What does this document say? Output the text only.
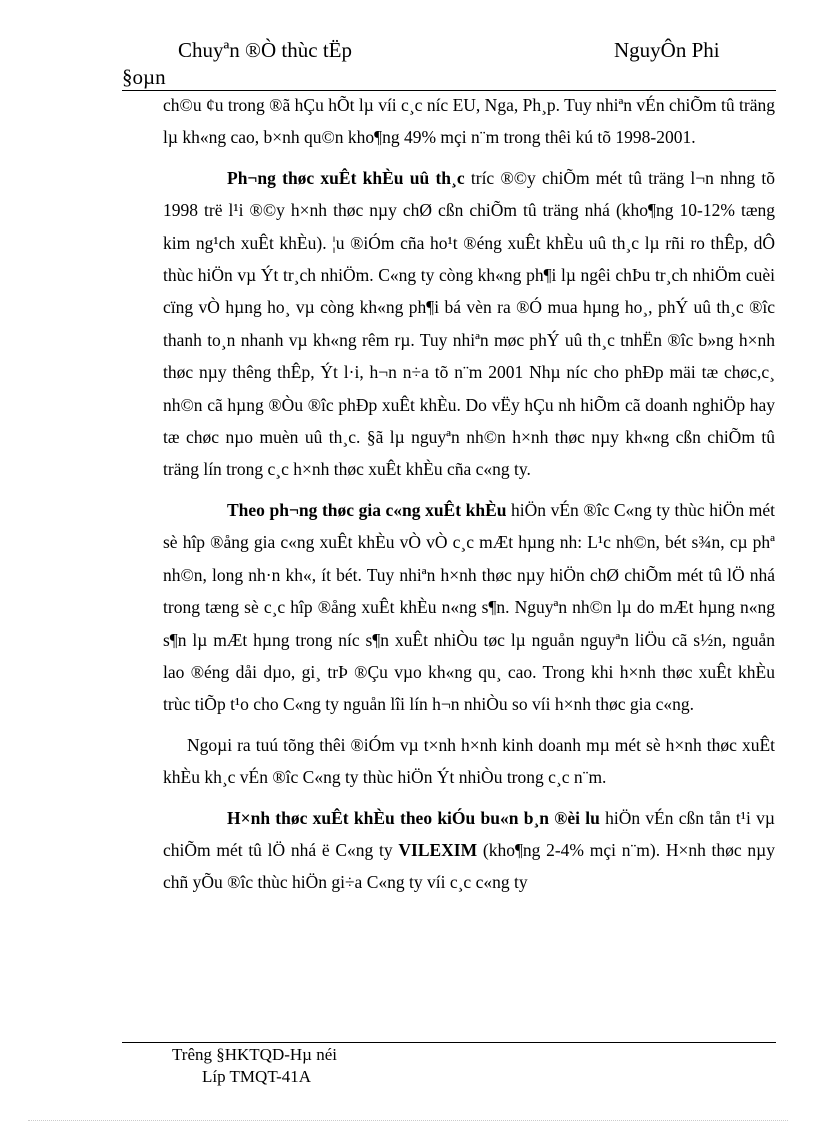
Chuyªn ®Ò thùc tËp	NguyÔn Phi
§oµn

ch©u ¢u trong ®ã hÇu hÕt lµ víi c¸c níc EU, Nga, Ph¸p. Tuy nhiªn vÉn chiÕm tû träng lµ kh«ng cao, b×nh qu©n kho¶ng 49% mçi n¨m trong thêi kú tõ 1998-2001.

Ph¬ng thøc xuÊt khÈu uû th¸c tríc ®©y chiÕm mét tû träng l¬n nhng tõ 1998 trë l¹i ®©y h×nh thøc nµy chØ cßn chiÕm tû träng nhá (kho¶ng 10-12% tæng kim ng¹ch xuÊt khÈu). ¦u ®iÓm cña ho¹t ®éng xuÊt khÈu uû th¸c lµ rñi ro thÊp, dÔ thùc hiÖn vµ Ýt tr¸ch nhiÖm. C«ng ty còng kh«ng ph¶i lµ ngêi chÞu tr¸ch nhiÖm cuèi cïng vÒ hµng ho¸ vµ còng kh«ng ph¶i bá vèn ra ®Ó mua hµng ho¸, phÝ uû th¸c ®îc thanh to¸n nhanh vµ kh«ng rêm rµ. Tuy nhiªn møc phÝ uû th¸c tnhËn ®îc b»ng h×nh thøc nµy thêng thÊp, Ýt l·i, h¬n n÷a tõ n¨m 2001 Nhµ níc cho phÐp mäi tæ chøc,c¸ nh©n cã hµng ®Òu ®îc phÐp xuÊt khÈu. Do vËy hÇu nh hiÕm cã doanh nghiÖp hay tæ chøc nµo muèn uû th¸c. §ã lµ nguyªn nh©n h×nh thøc nµy kh«ng cßn chiÕm tû träng lín trong c¸c h×nh thøc xuÊt khÈu cña c«ng ty.

Theo ph¬ng thøc gia c«ng xuÊt khÈu hiÖn vÉn ®îc C«ng ty thùc hiÖn mét sè hîp ®ång gia c«ng xuÊt khÈu vÒ vÒ c¸c mÆt hµng nh: L¹c nh©n, bét s¾n, cµ phª nh©n, long nh·n kh«, ít bét. Tuy nhiªn h×nh thøc nµy hiÖn chØ chiÕm mét tû lÖ nhá trong tæng sè c¸c hîp ®ång xuÊt khÈu n«ng s¶n. Nguyªn nh©n lµ do mÆt hµng n«ng s¶n lµ mÆt hµng trong níc s¶n xuÊt nhiÒu tøc lµ nguån nguyªn liÖu cã s½n, nguån lao ®éng dåi dµo, gi¸ trÞ ®Çu vµo kh«ng qu¸ cao. Trong khi h×nh thøc xuÊt khÈu trùc tiÕp t¹o cho C«ng ty nguån lîi lín h¬n nhiÒu so víi h×nh thøc gia c«ng.

Ngoµi ra tuú tõng thêi ®iÓm vµ t×nh h×nh kinh doanh mµ mét sè h×nh thøc xuÊt khÈu kh¸c vÉn ®îc C«ng ty thùc hiÖn Ýt nhiÒu trong c¸c n¨m.

H×nh thøc xuÊt khÈu theo kiÓu bu«n b¸n ®èi lu hiÖn vÉn cßn tån t¹i vµ chiÕm mét tû lÖ nhá ë C«ng ty VILEXIM (kho¶ng 2-4% mçi n¨m). H×nh thøc nµy chñ yÕu ®îc thùc hiÖn gi÷a C«ng ty víi c¸c c«ng ty

Trêng §HKTQD-Hµ néi
Líp TMQT-41A
